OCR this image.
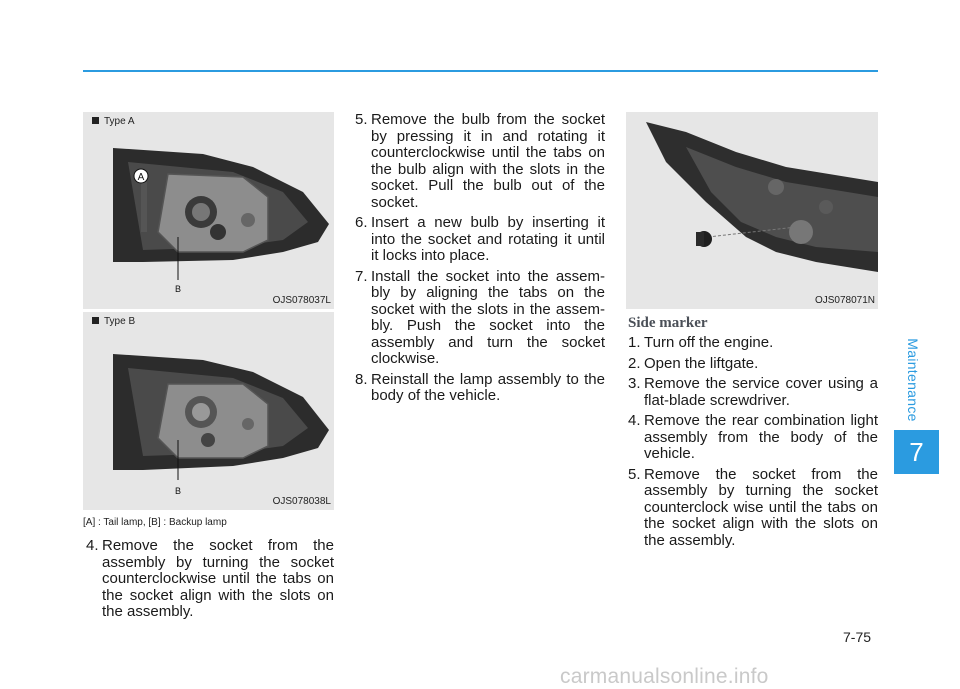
Maintenance
7
A
B
Type A
OJS078037L
B
Type B
OJS078038L
[A] : Tail lamp, [B] : Backup lamp
4. Remove the socket from the assembly by turning the socket counterclockwise until the tabs on the socket align with the slots on the assembly.
5. Remove the bulb from the socket by pressing it in and rotating it counterclockwise until the tabs on the bulb align with the slots in the socket. Pull the bulb out of the socket.
6. Insert a new bulb by inserting it into the socket and rotating it until it locks into place.
7. Install the socket into the assem-bly by aligning the tabs on the socket with the slots in the assem-bly. Push the socket into the assembly and turn the socket clockwise.
8. Reinstall the lamp assembly to the body of the vehicle.
OJS078071N
Side marker
1. Turn off the engine.
2. Open the liftgate.
3. Remove the service cover using a flat-blade screwdriver.
4. Remove the rear combination light assembly from the body of the vehicle.
5. Remove the socket from the assembly by turning the socket counterclock wise until the tabs on the socket align with the slots on the assembly.
7-75
carmanualsonline.info
